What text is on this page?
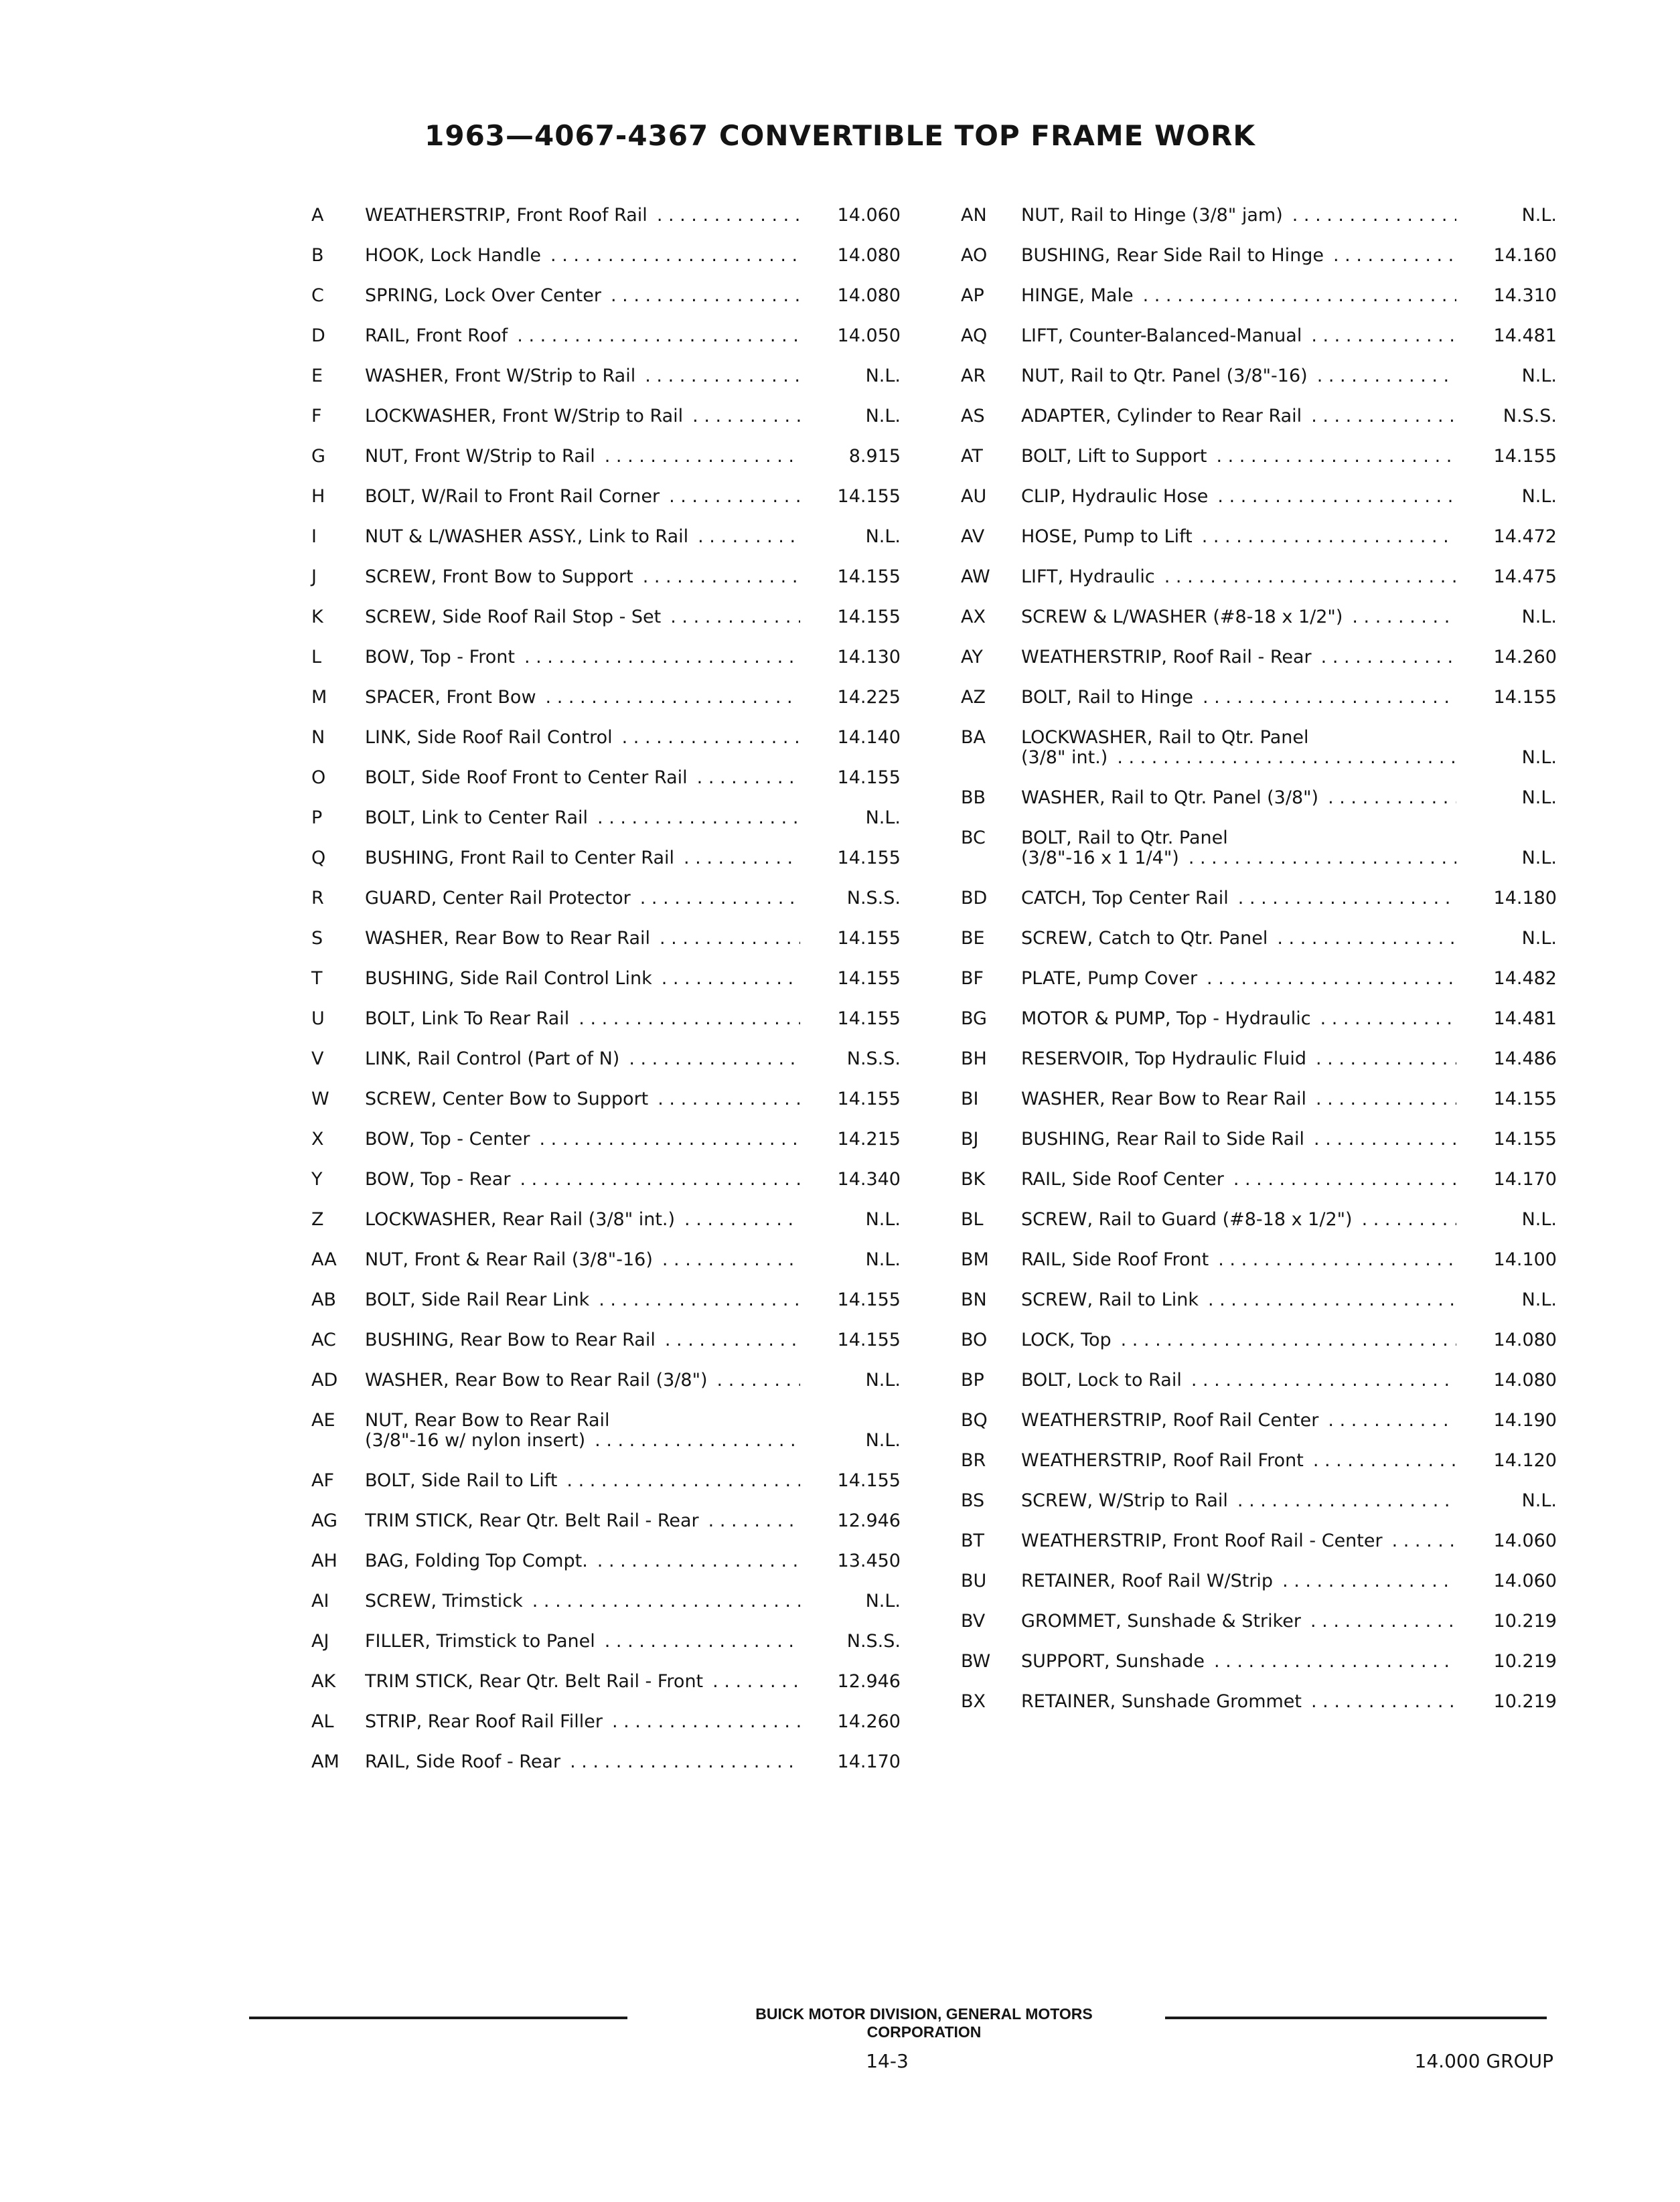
1963—4067-4367 CONVERTIBLE TOP FRAME WORK
A	WEATHERSTRIP, Front Roof Rail . . .	14.060
B	HOOK, Lock Handle . . .	14.080
C	SPRING, Lock Over Center . . .	14.080
D	RAIL, Front Roof . . .	14.050
E	WASHER, Front W/Strip to Rail . . .	N.L.
F	LOCKWASHER, Front W/Strip to Rail . . .	N.L.
G	NUT, Front W/Strip to Rail . . .	8.915
H	BOLT, W/Rail to Front Rail Corner . . .	14.155
I	NUT & L/WASHER ASSY., Link to Rail . . .	N.L.
J	SCREW, Front Bow to Support . . .	14.155
K	SCREW, Side Roof Rail Stop - Set . . .	14.155
L	BOW, Top - Front . . .	14.130
M	SPACER, Front Bow . . .	14.225
N	LINK, Side Roof Rail Control . . .	14.140
O	BOLT, Side Roof Front to Center Rail . . .	14.155
P	BOLT, Link to Center Rail . . .	N.L.
Q	BUSHING, Front Rail to Center Rail . . .	14.155
R	GUARD, Center Rail Protector . . .	N.S.S.
S	WASHER, Rear Bow to Rear Rail . . .	14.155
T	BUSHING, Side Rail Control Link . . .	14.155
U	BOLT, Link To Rear Rail . . .	14.155
V	LINK, Rail Control (Part of N) . . .	N.S.S.
W	SCREW, Center Bow to Support . . .	14.155
X	BOW, Top - Center . . .	14.215
Y	BOW, Top - Rear . . .	14.340
Z	LOCKWASHER, Rear Rail (3/8" int.) . . .	N.L.
AA	NUT, Front & Rear Rail (3/8"-16) . . .	N.L.
AB	BOLT, Side Rail Rear Link . . .	14.155
AC	BUSHING, Rear Bow to Rear Rail . . .	14.155
AD	WASHER, Rear Bow to Rear Rail (3/8") . . .	N.L.
AE	NUT, Rear Bow to Rear Rail
(3/8"-16 w/ nylon insert) . . .	N.L.
AF	BOLT, Side Rail to Lift . . .	14.155
AG	TRIM STICK, Rear Qtr. Belt Rail - Rear . . .	12.946
AH	BAG, Folding Top Compt. . . .	13.450
AI	SCREW, Trimstick . . .	N.L.
AJ	FILLER, Trimstick to Panel . . .	N.S.S.
AK	TRIM STICK, Rear Qtr. Belt Rail - Front . . .	12.946
AL	STRIP, Rear Roof Rail Filler . . .	14.260
AM	RAIL, Side Roof - Rear . . .	14.170
AN	NUT, Rail to Hinge (3/8" jam) . . .	N.L.
AO	BUSHING, Rear Side Rail to Hinge . . .	14.160
AP	HINGE, Male . . .	14.310
AQ	LIFT, Counter-Balanced-Manual . . .	14.481
AR	NUT, Rail to Qtr. Panel (3/8"-16) . . .	N.L.
AS	ADAPTER, Cylinder to Rear Rail . . .	N.S.S.
AT	BOLT, Lift to Support . . .	14.155
AU	CLIP, Hydraulic Hose . . .	N.L.
AV	HOSE, Pump to Lift . . .	14.472
AW	LIFT, Hydraulic . . .	14.475
AX	SCREW & L/WASHER (#8-18 x 1/2") . . .	N.L.
AY	WEATHERSTRIP, Roof Rail - Rear . . .	14.260
AZ	BOLT, Rail to Hinge . . .	14.155
BA	LOCKWASHER, Rail to Qtr. Panel
(3/8" int.) . . .	N.L.
BB	WASHER, Rail to Qtr. Panel (3/8") . . .	N.L.
BC	BOLT, Rail to Qtr. Panel
(3/8"-16 x 1 1/4") . . .	N.L.
BD	CATCH, Top Center Rail . . .	14.180
BE	SCREW, Catch to Qtr. Panel . . .	N.L.
BF	PLATE, Pump Cover . . .	14.482
BG	MOTOR & PUMP, Top - Hydraulic . . .	14.481
BH	RESERVOIR, Top Hydraulic Fluid . . .	14.486
BI	WASHER, Rear Bow to Rear Rail . . .	14.155
BJ	BUSHING, Rear Rail to Side Rail . . .	14.155
BK	RAIL, Side Roof Center . . .	14.170
BL	SCREW, Rail to Guard (#8-18 x 1/2") . . .	N.L.
BM	RAIL, Side Roof Front . . .	14.100
BN	SCREW, Rail to Link . . .	N.L.
BO	LOCK, Top . . .	14.080
BP	BOLT, Lock to Rail . . .	14.080
BQ	WEATHERSTRIP, Roof Rail Center . . .	14.190
BR	WEATHERSTRIP, Roof Rail Front . . .	14.120
BS	SCREW, W/Strip to Rail . . .	N.L.
BT	WEATHERSTRIP, Front Roof Rail - Center . . .	14.060
BU	RETAINER, Roof Rail W/Strip . . .	14.060
BV	GROMMET, Sunshade & Striker . . .	10.219
BW	SUPPORT, Sunshade . . .	10.219
BX	RETAINER, Sunshade Grommet . . .	10.219
BUICK MOTOR DIVISION, GENERAL MOTORS CORPORATION
14-3	14.000 GROUP
